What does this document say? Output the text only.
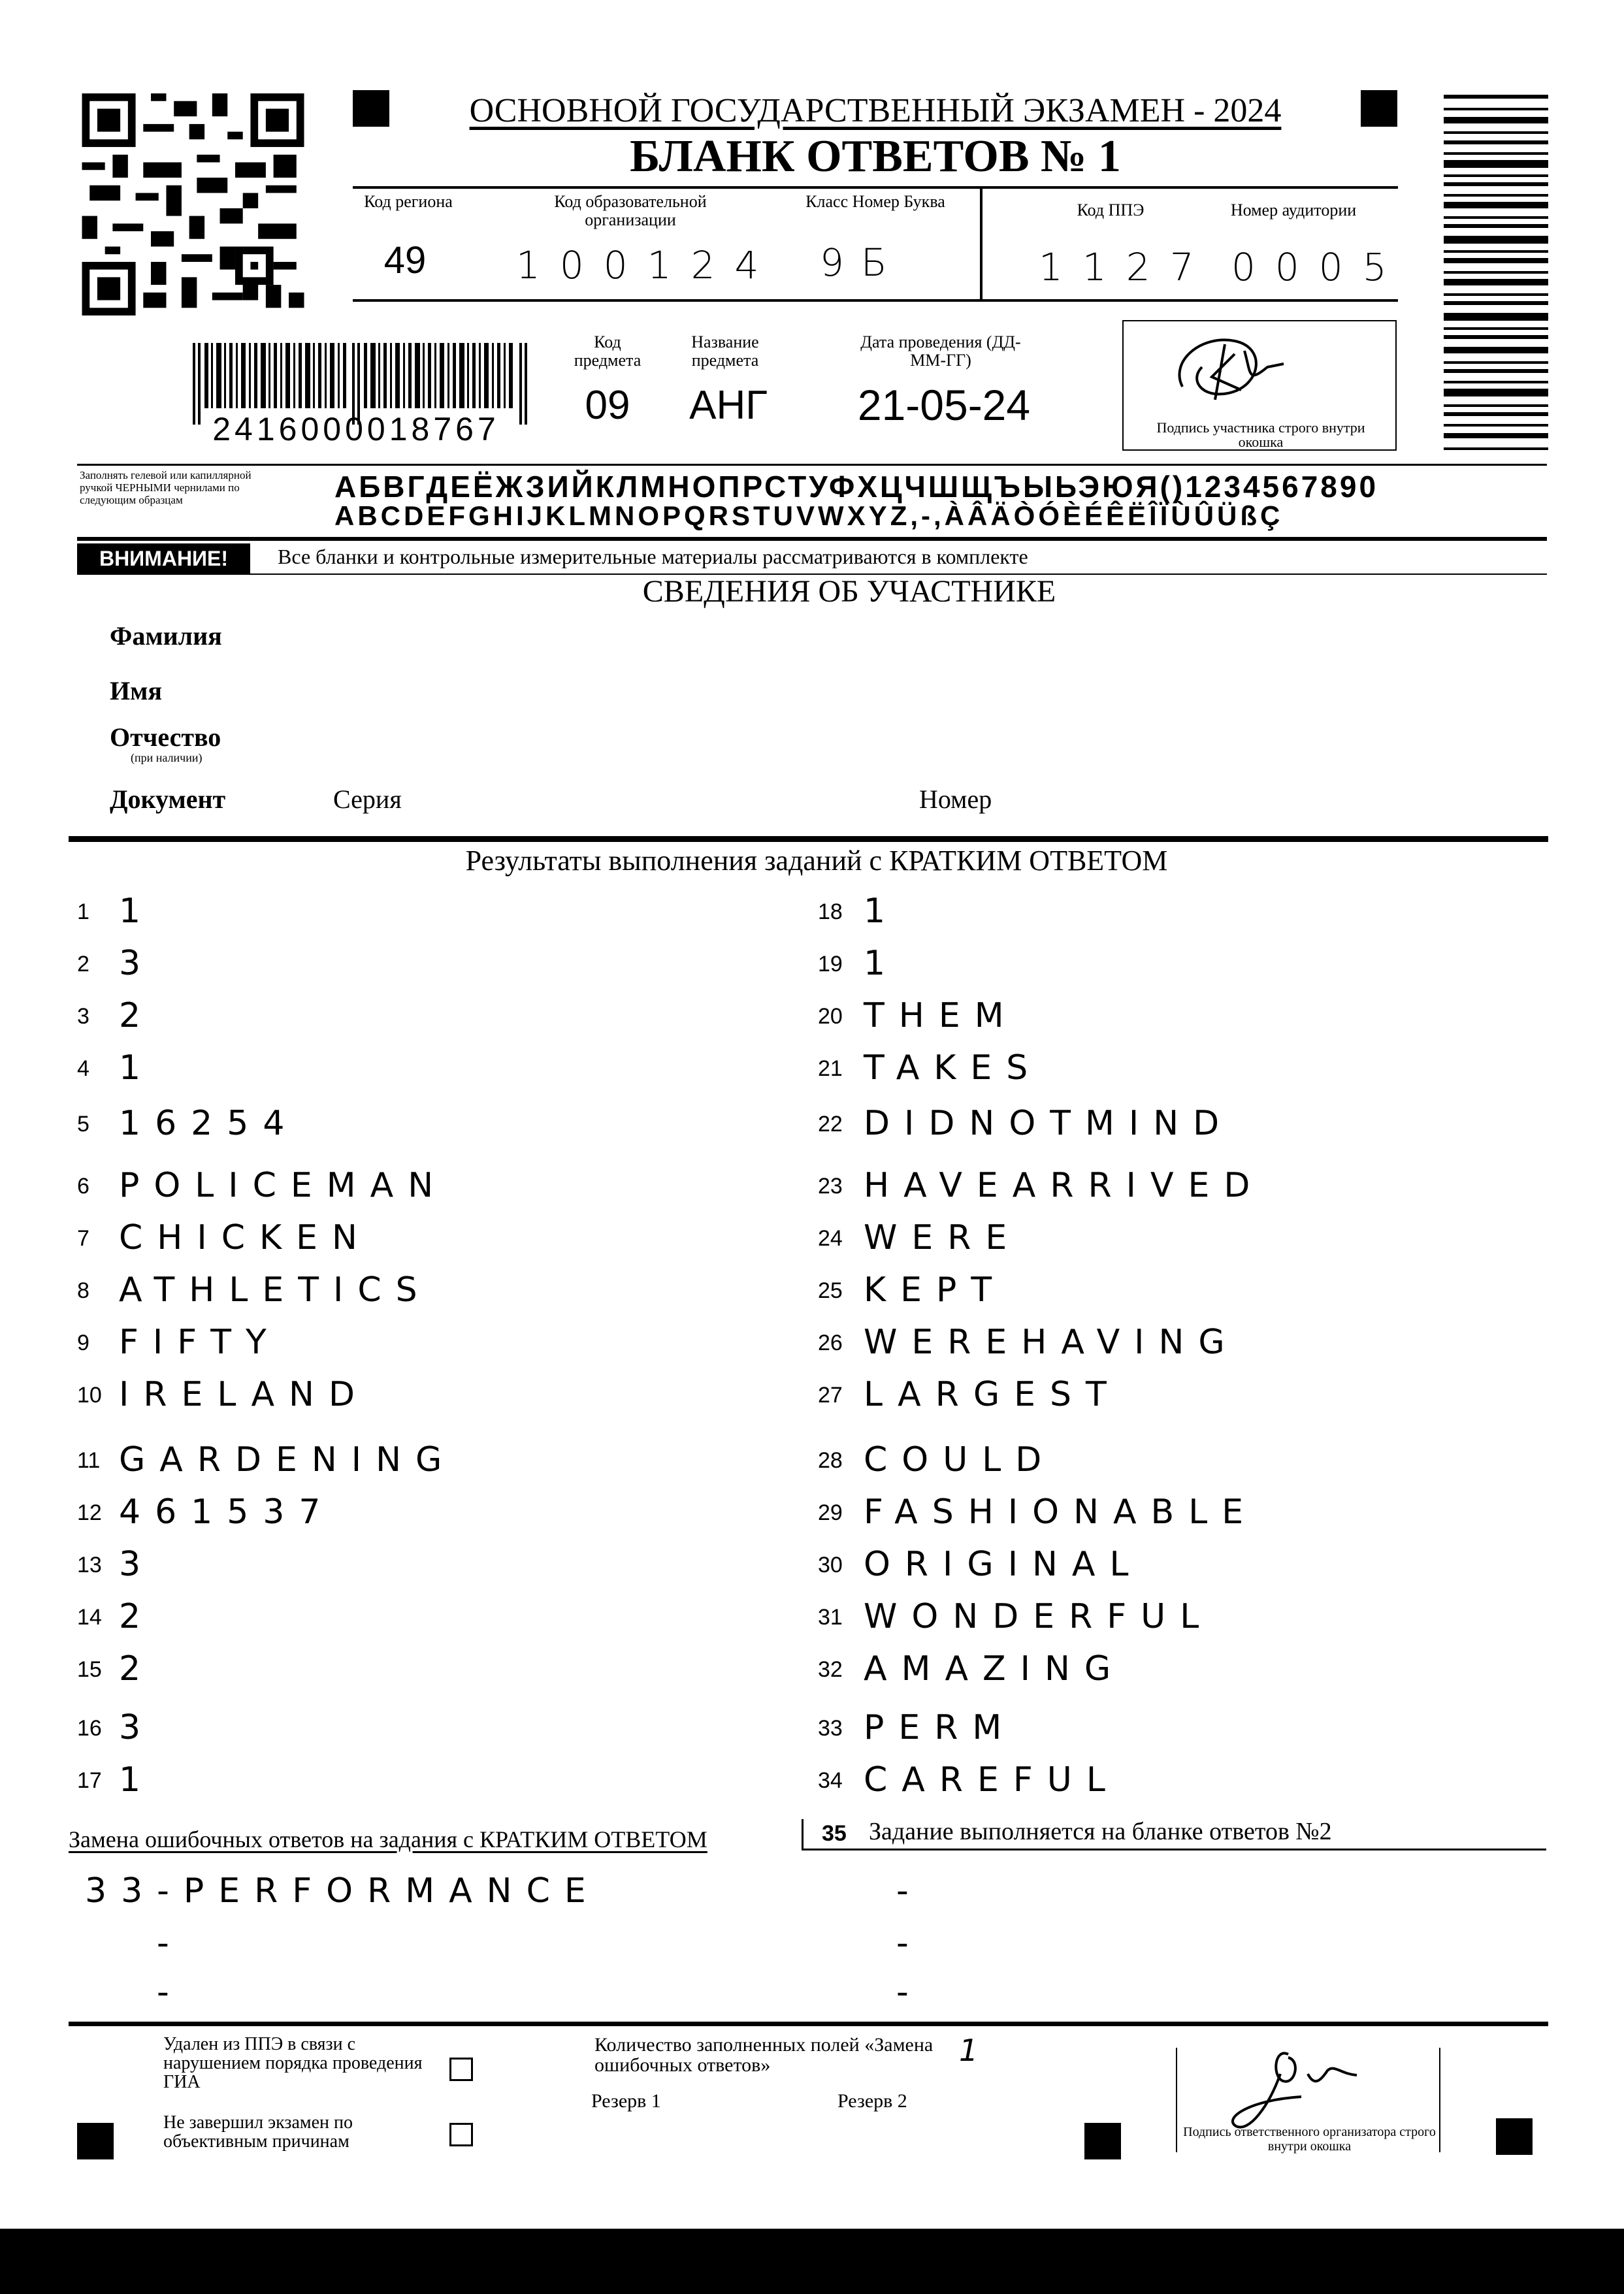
ОСНОВНОЙ ГОСУДАРСТВЕННЫЙ ЭКЗАМЕН - 2024
БЛАНК ОТВЕТОВ № 1
Код региона	Код образовательной организации
Класс Номер Буква	Код ППЭ	Номер аудитории
49	100124 9Б	1127 0005
2416000018767
Код предмета
Название предмета
Дата проведения (ДД-ММ-ГГ)
09	АНГ	21-05-24	Подпись участника строго внутри окошка
Заполнять гелевой или капиллярной ручкой ЧЕРНЫМИ чернилами по следующим образцам	АБВГДЕЁЖЗИЙКЛМНОПРСТУФХЦЧШЩЪЫЬЭЮЯ()1234567890
ABCDEFGHIJKLMNOPQRSTUVWXYZ,-,ÀÂÄÒÓÈÉÊËÎÏÙÛÜßÇ
ВНИМАНИЕ!	Все бланки и контрольные измерительные материалы рассматриваются в комплекте
СВЕДЕНИЯ ОБ УЧАСТНИКЕ
Фамилия
Имя
Отчество
(при наличии)
Документ	Серия	Номер
Результаты выполнения заданий с КРАТКИМ ОТВЕТОМ
1 1
2 3
3 2
4 1
5 16254
6 POLICEMAN
7 CHICKEN
8 ATHLETICS
9 FIFTY
10 IRELAND
11 GARDENING
12 461537
13 3
14 2
15 2
16 3
17 1
18 1
19 1
20 THEM
21 TAKES
22 DIDNOTMIND
23 HAVEARRIVED
24 WERE
25 KEPT
26 WEREHAVING
27 LARGEST
28 COULD
29 FASHIONABLE
30 ORIGINAL
31 WONDERFUL
32 AMAZING
33 PERM
34 CAREFUL
Замена ошибочных ответов на задания с КРАТКИМ ОТВЕТОМ	35 Задание выполняется на бланке ответов №2
33-PERFORMANCE
-
-
-
-
-
Удален из ППЭ в связи с нарушением порядка проведения ГИА
Не завершил экзамен по объективным причинам
Количество заполненных полей «Замена ошибочных ответов»	1
Резерв 1	Резерв 2
Подпись ответственного организатора строго внутри окошка
